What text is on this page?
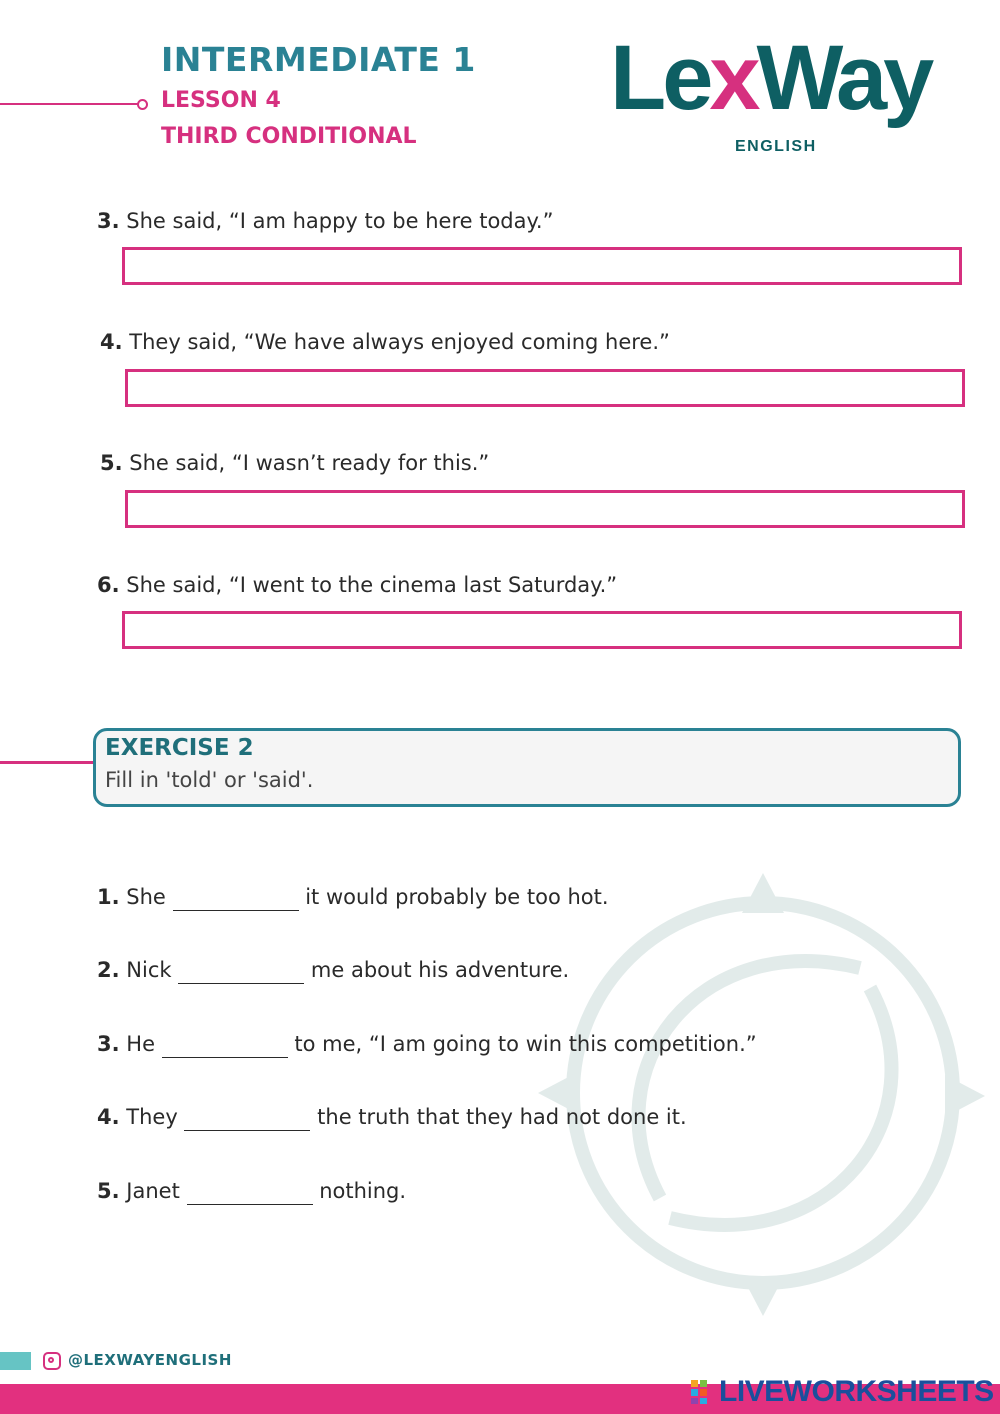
INTERMEDIATE 1
LESSON 4
THIRD CONDITIONAL
LexWay
ENGLISH
3. She said, “I am happy to be here today.”
4. They said, “We have always enjoyed coming here.”
5. She said, “I wasn’t ready for this.”
6. She said, “I went to the cinema last Saturday.”
EXERCISE 2
Fill in 'told' or 'said'.
1. She	it would probably be too hot.
2. Nick	me about his adventure.
3. He	to me, “I am going to win this competition.”
4. They	the truth that they had not done it.
5. Janet	nothing.
@LEXWAYENGLISH
LIVEWORKSHEETS
